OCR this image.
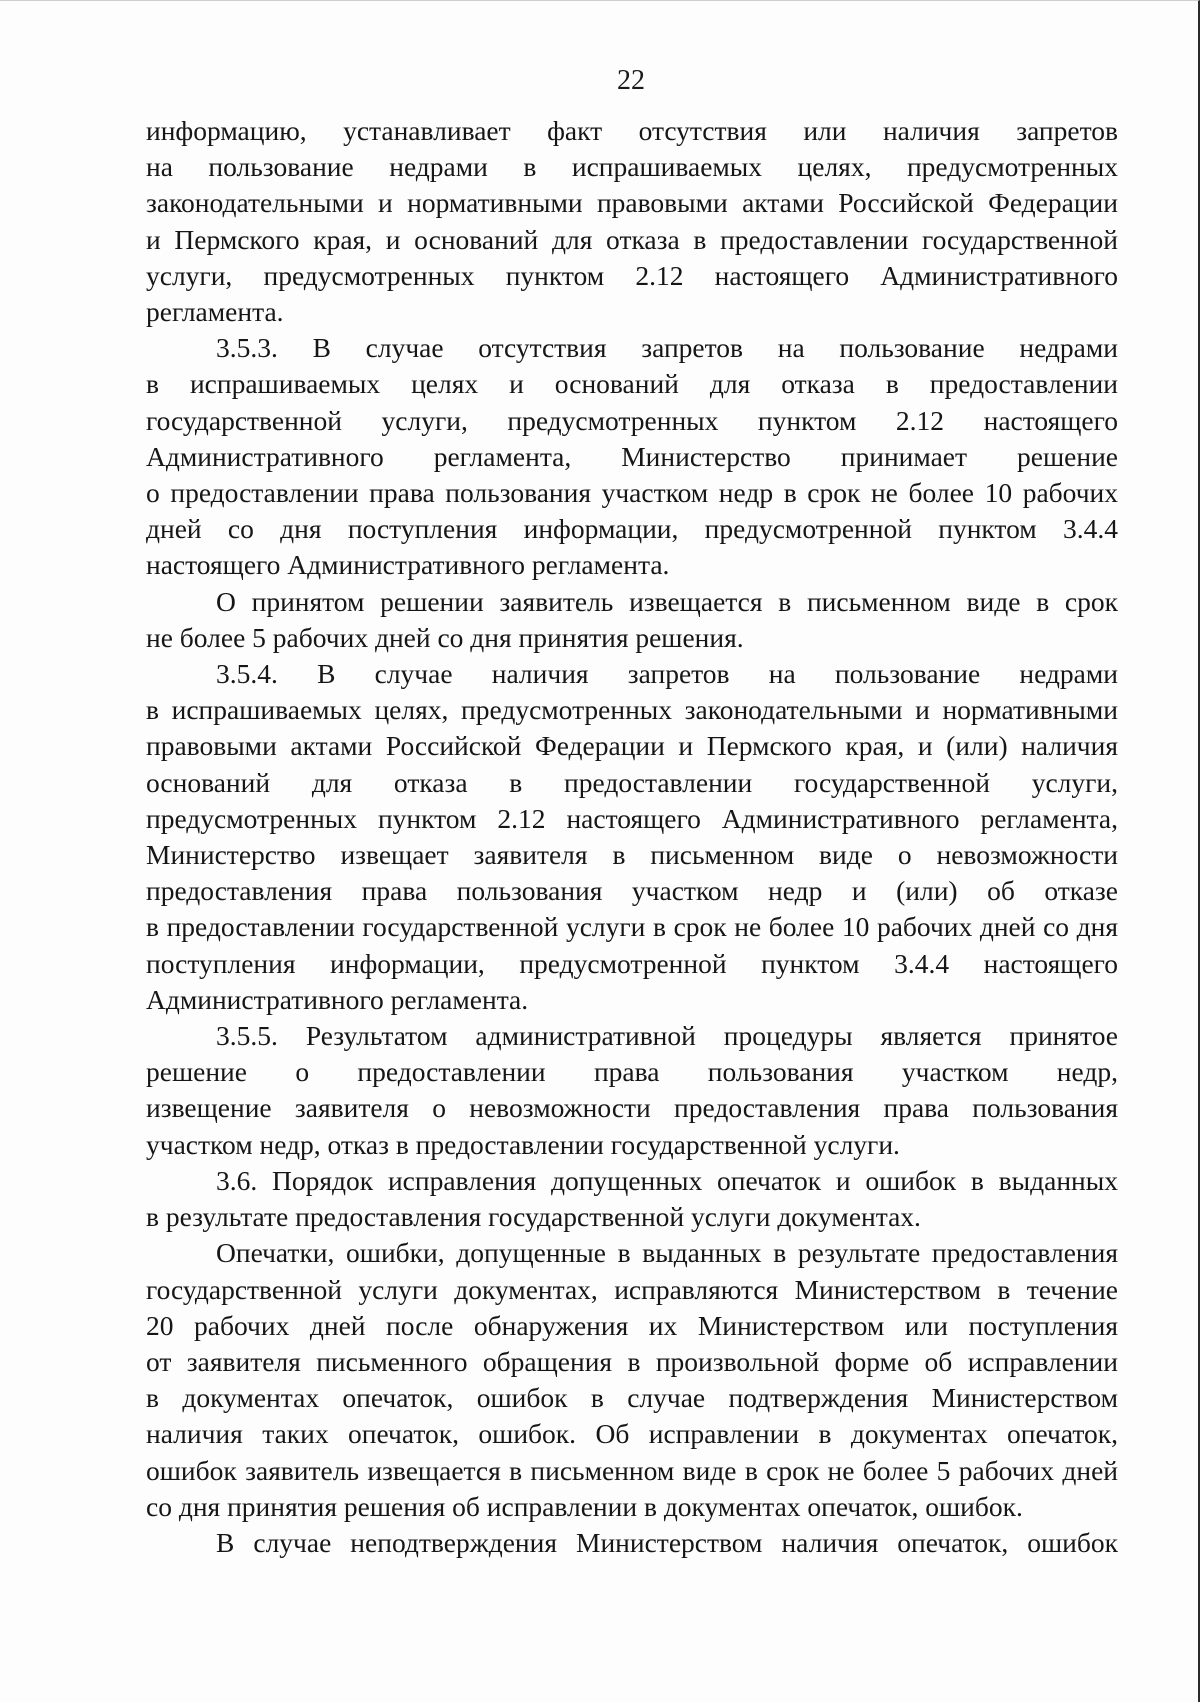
22
информацию, устанавливает факт отсутствия или наличия запретов
на пользование недрами в испрашиваемых целях, предусмотренных
законодательными и нормативными правовыми актами Российской Федерации
и Пермского края, и оснований для отказа в предоставлении государственной
услуги, предусмотренных пунктом 2.12 настоящего Административного
регламента.
3.5.3. В случае отсутствия запретов на пользование недрами
в испрашиваемых целях и оснований для отказа в предоставлении
государственной услуги, предусмотренных пунктом 2.12 настоящего
Административного регламента, Министерство принимает решение
о предоставлении права пользования участком недр в срок не более 10 рабочих
дней со дня поступления информации, предусмотренной пунктом 3.4.4
настоящего Административного регламента.
О принятом решении заявитель извещается в письменном виде в срок
не более 5 рабочих дней со дня принятия решения.
3.5.4. В случае наличия запретов на пользование недрами
в испрашиваемых целях, предусмотренных законодательными и нормативными
правовыми актами Российской Федерации и Пермского края, и (или) наличия
оснований для отказа в предоставлении государственной услуги,
предусмотренных пунктом 2.12 настоящего Административного регламента,
Министерство извещает заявителя в письменном виде о невозможности
предоставления права пользования участком недр и (или) об отказе
в предоставлении государственной услуги в срок не более 10 рабочих дней со дня
поступления информации, предусмотренной пунктом 3.4.4 настоящего
Административного регламента.
3.5.5. Результатом административной процедуры является принятое
решение о предоставлении права пользования участком недр,
извещение заявителя о невозможности предоставления права пользования
участком недр, отказ в предоставлении государственной услуги.
3.6. Порядок исправления допущенных опечаток и ошибок в выданных
в результате предоставления государственной услуги документах.
Опечатки, ошибки, допущенные в выданных в результате предоставления
государственной услуги документах, исправляются Министерством в течение
20 рабочих дней после обнаружения их Министерством или поступления
от заявителя письменного обращения в произвольной форме об исправлении
в документах опечаток, ошибок в случае подтверждения Министерством
наличия таких опечаток, ошибок. Об исправлении в документах опечаток,
ошибок заявитель извещается в письменном виде в срок не более 5 рабочих дней
со дня принятия решения об исправлении в документах опечаток, ошибок.
В случае неподтверждения Министерством наличия опечаток, ошибок
